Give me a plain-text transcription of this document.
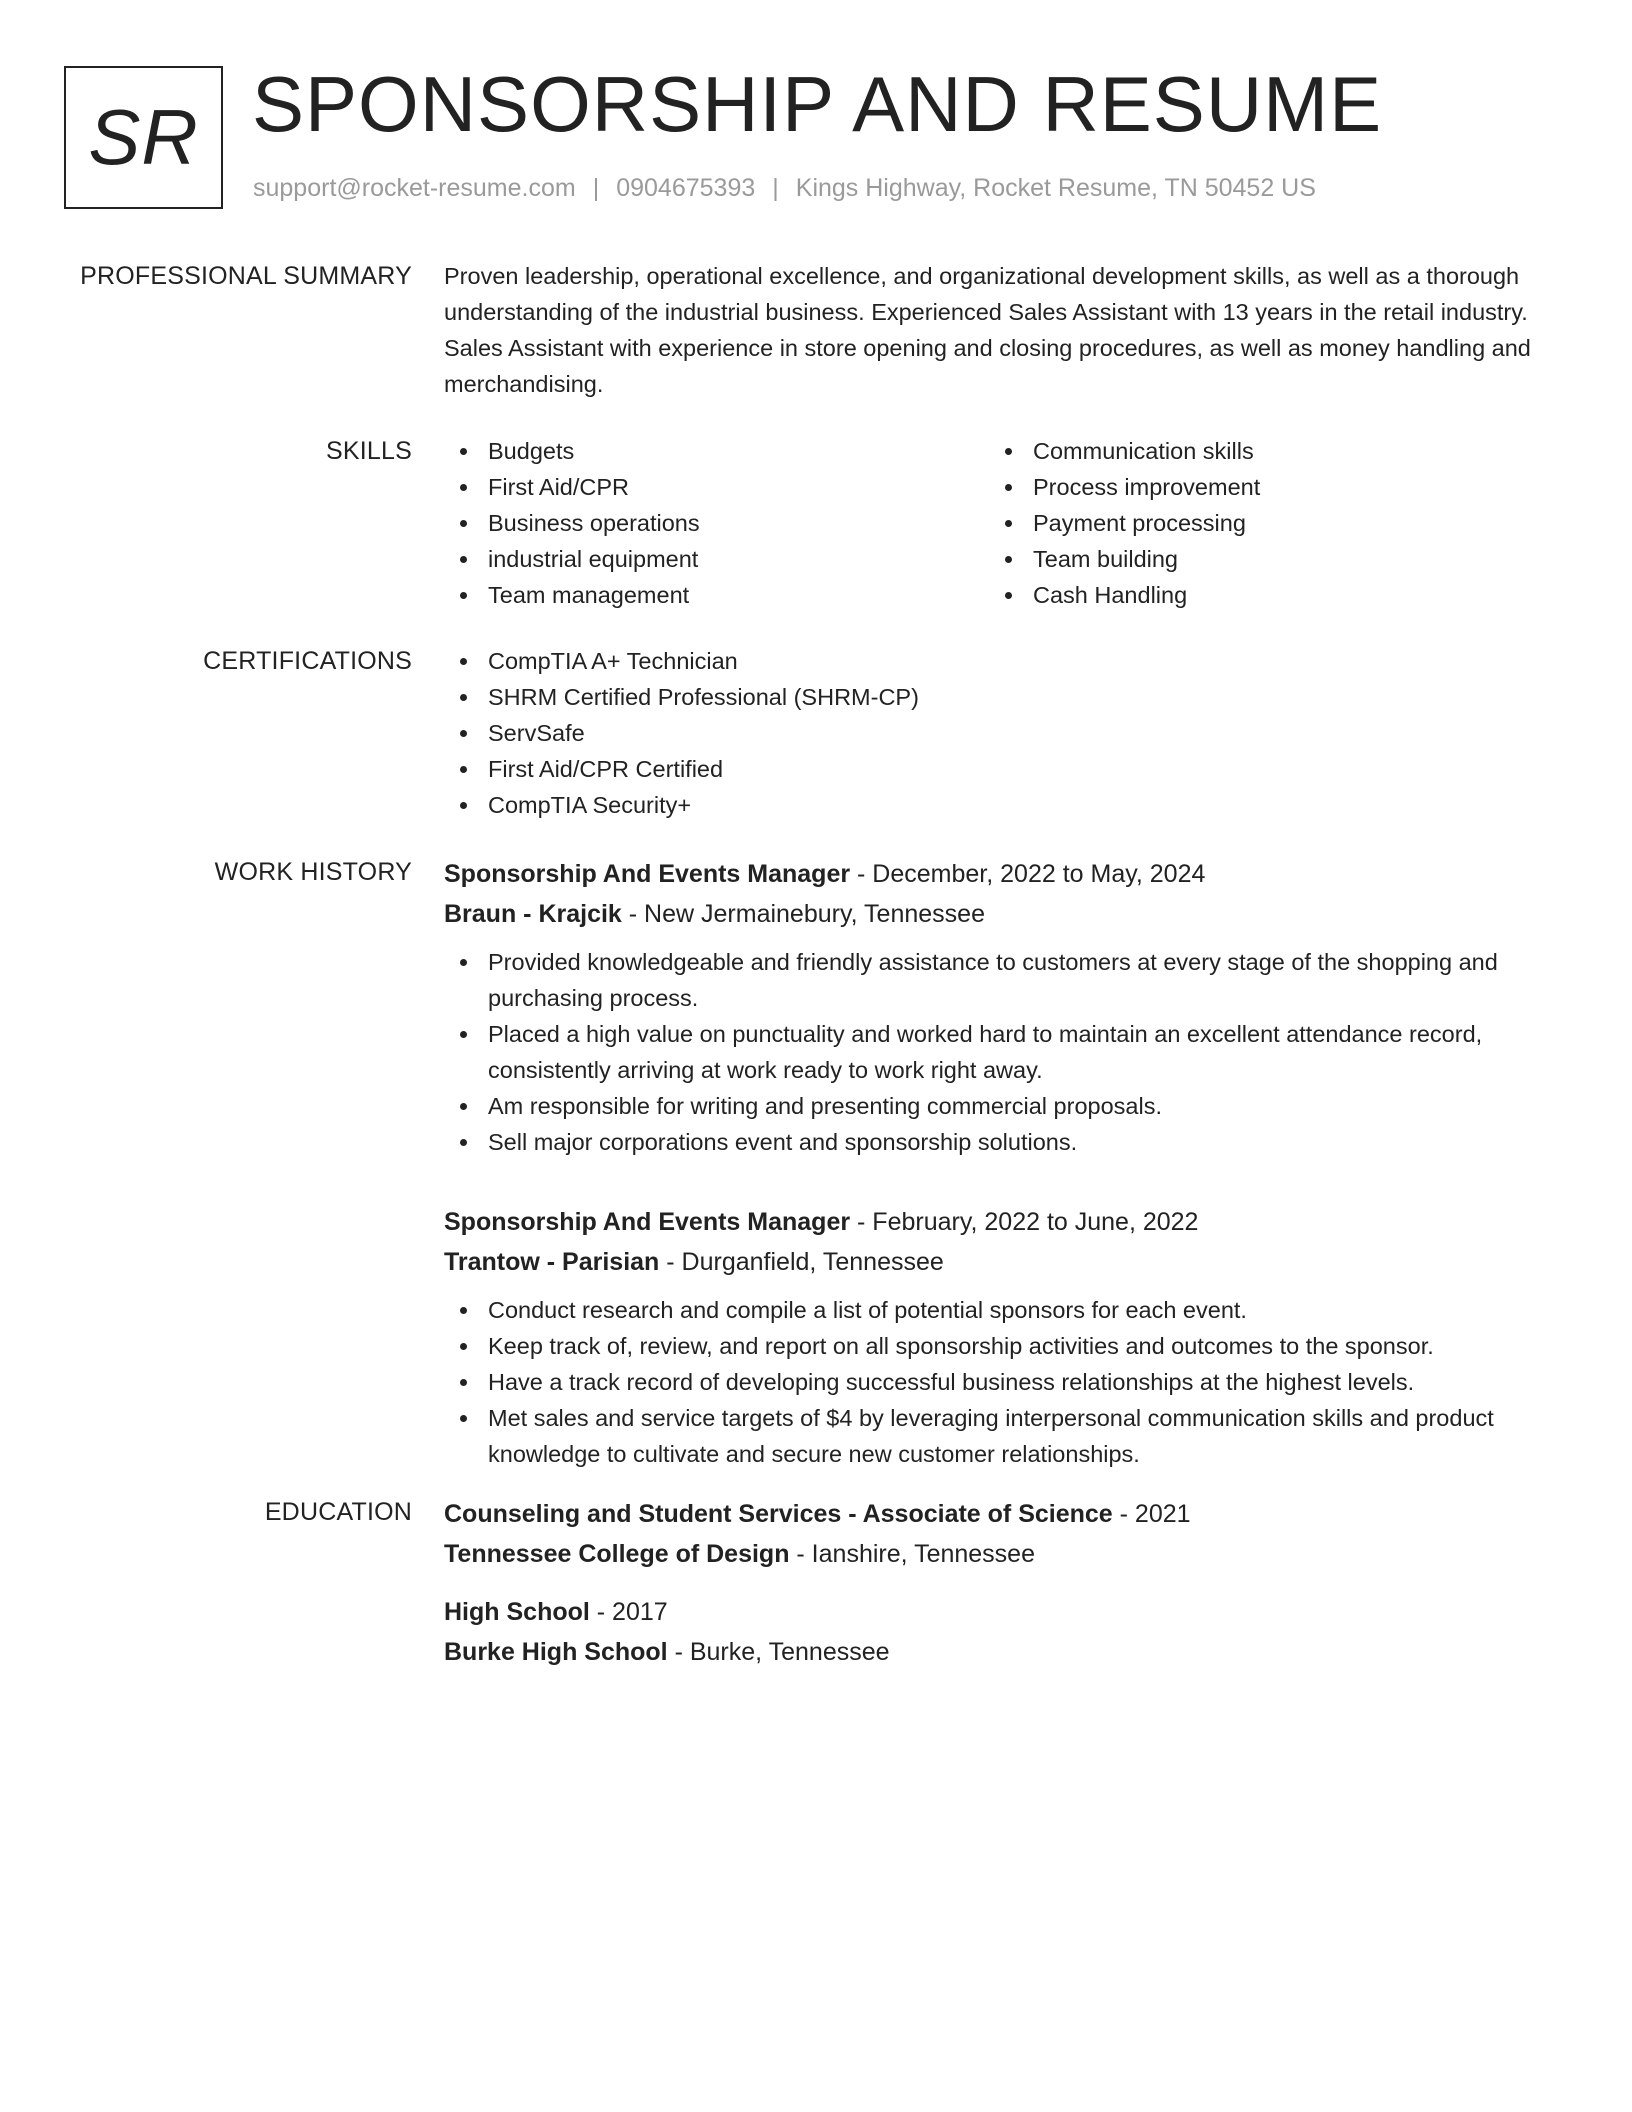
SR SPONSORSHIP AND RESUME
support@rocket-resume.com | 0904675393 | Kings Highway, Rocket Resume, TN 50452 US
PROFESSIONAL SUMMARY Proven leadership, operational excellence, and organizational development skills, as well as a thorough understanding of the industrial business. Experienced Sales Assistant with 13 years in the retail industry. Sales Assistant with experience in store opening and closing procedures, as well as money handling and merchandising.
SKILLS	Budgets
First Aid/CPR
Business operations
industrial equipment
Team management
Communication skills
Process improvement
Payment processing
Team building
Cash Handling
CERTIFICATIONS	CompTIA A+ Technician
SHRM Certified Professional (SHRM-CP)
ServSafe
First Aid/CPR Certified
CompTIA Security+
WORK HISTORY Sponsorship And Events Manager - December, 2022 to May, 2024
Braun - Krajcik - New Jermainebury, Tennessee
Provided knowledgeable and friendly assistance to customers at every stage of the shopping and purchasing process.
Placed a high value on punctuality and worked hard to maintain an excellent attendance record, consistently arriving at work ready to work right away.
Am responsible for writing and presenting commercial proposals.
Sell major corporations event and sponsorship solutions.
Sponsorship And Events Manager - February, 2022 to June, 2022
Trantow - Parisian - Durganfield, Tennessee
Conduct research and compile a list of potential sponsors for each event.
Keep track of, review, and report on all sponsorship activities and outcomes to the sponsor.
Have a track record of developing successful business relationships at the highest levels.
Met sales and service targets of $4 by leveraging interpersonal communication skills and product knowledge to cultivate and secure new customer relationships.
EDUCATION Counseling and Student Services - Associate of Science - 2021
Tennessee College of Design - Ianshire, Tennessee
High School - 2017
Burke High School - Burke, Tennessee
